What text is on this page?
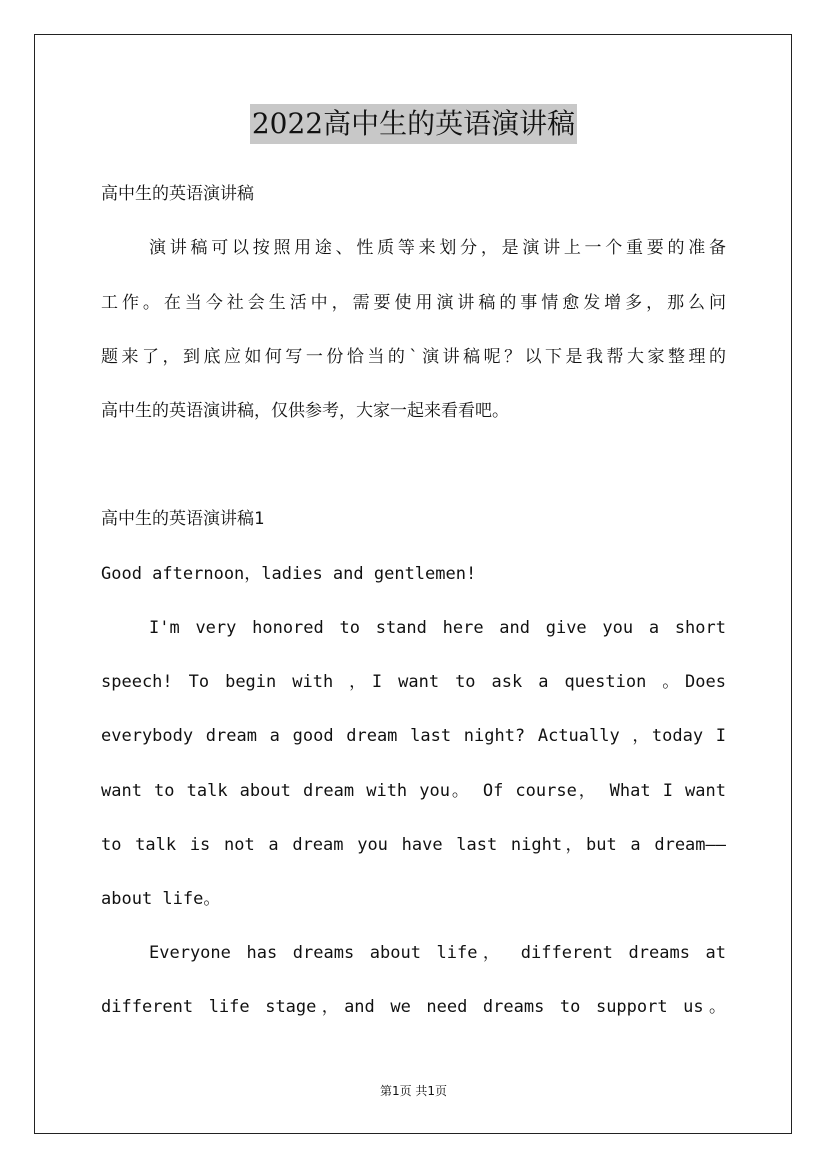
2022高中生的英语演讲稿
高中生的英语演讲稿
演讲稿可以按照用途、性质等来划分，是演讲上一个重要的准备
工作。在当今社会生活中，需要使用演讲稿的事情愈发增多，那么问
题来了，到底应如何写一份恰当的`演讲稿呢？以下是我帮大家整理的
高中生的英语演讲稿，仅供参考，大家一起来看看吧。
高中生的英语演讲稿1
Good afternoon，ladies and gentlemen!
I'm very honored to stand here and give you a short
speech! To begin with ，I want to ask a question 。Does
everybody dream a good dream last night? Actually ，today I
want to talk about dream with you。 Of course， What I want
to talk is not a dream you have last night，but a dream——
about life。
Everyone has dreams about life， different dreams at
different life stage，and we need dreams to support us。
第1页 共1页
